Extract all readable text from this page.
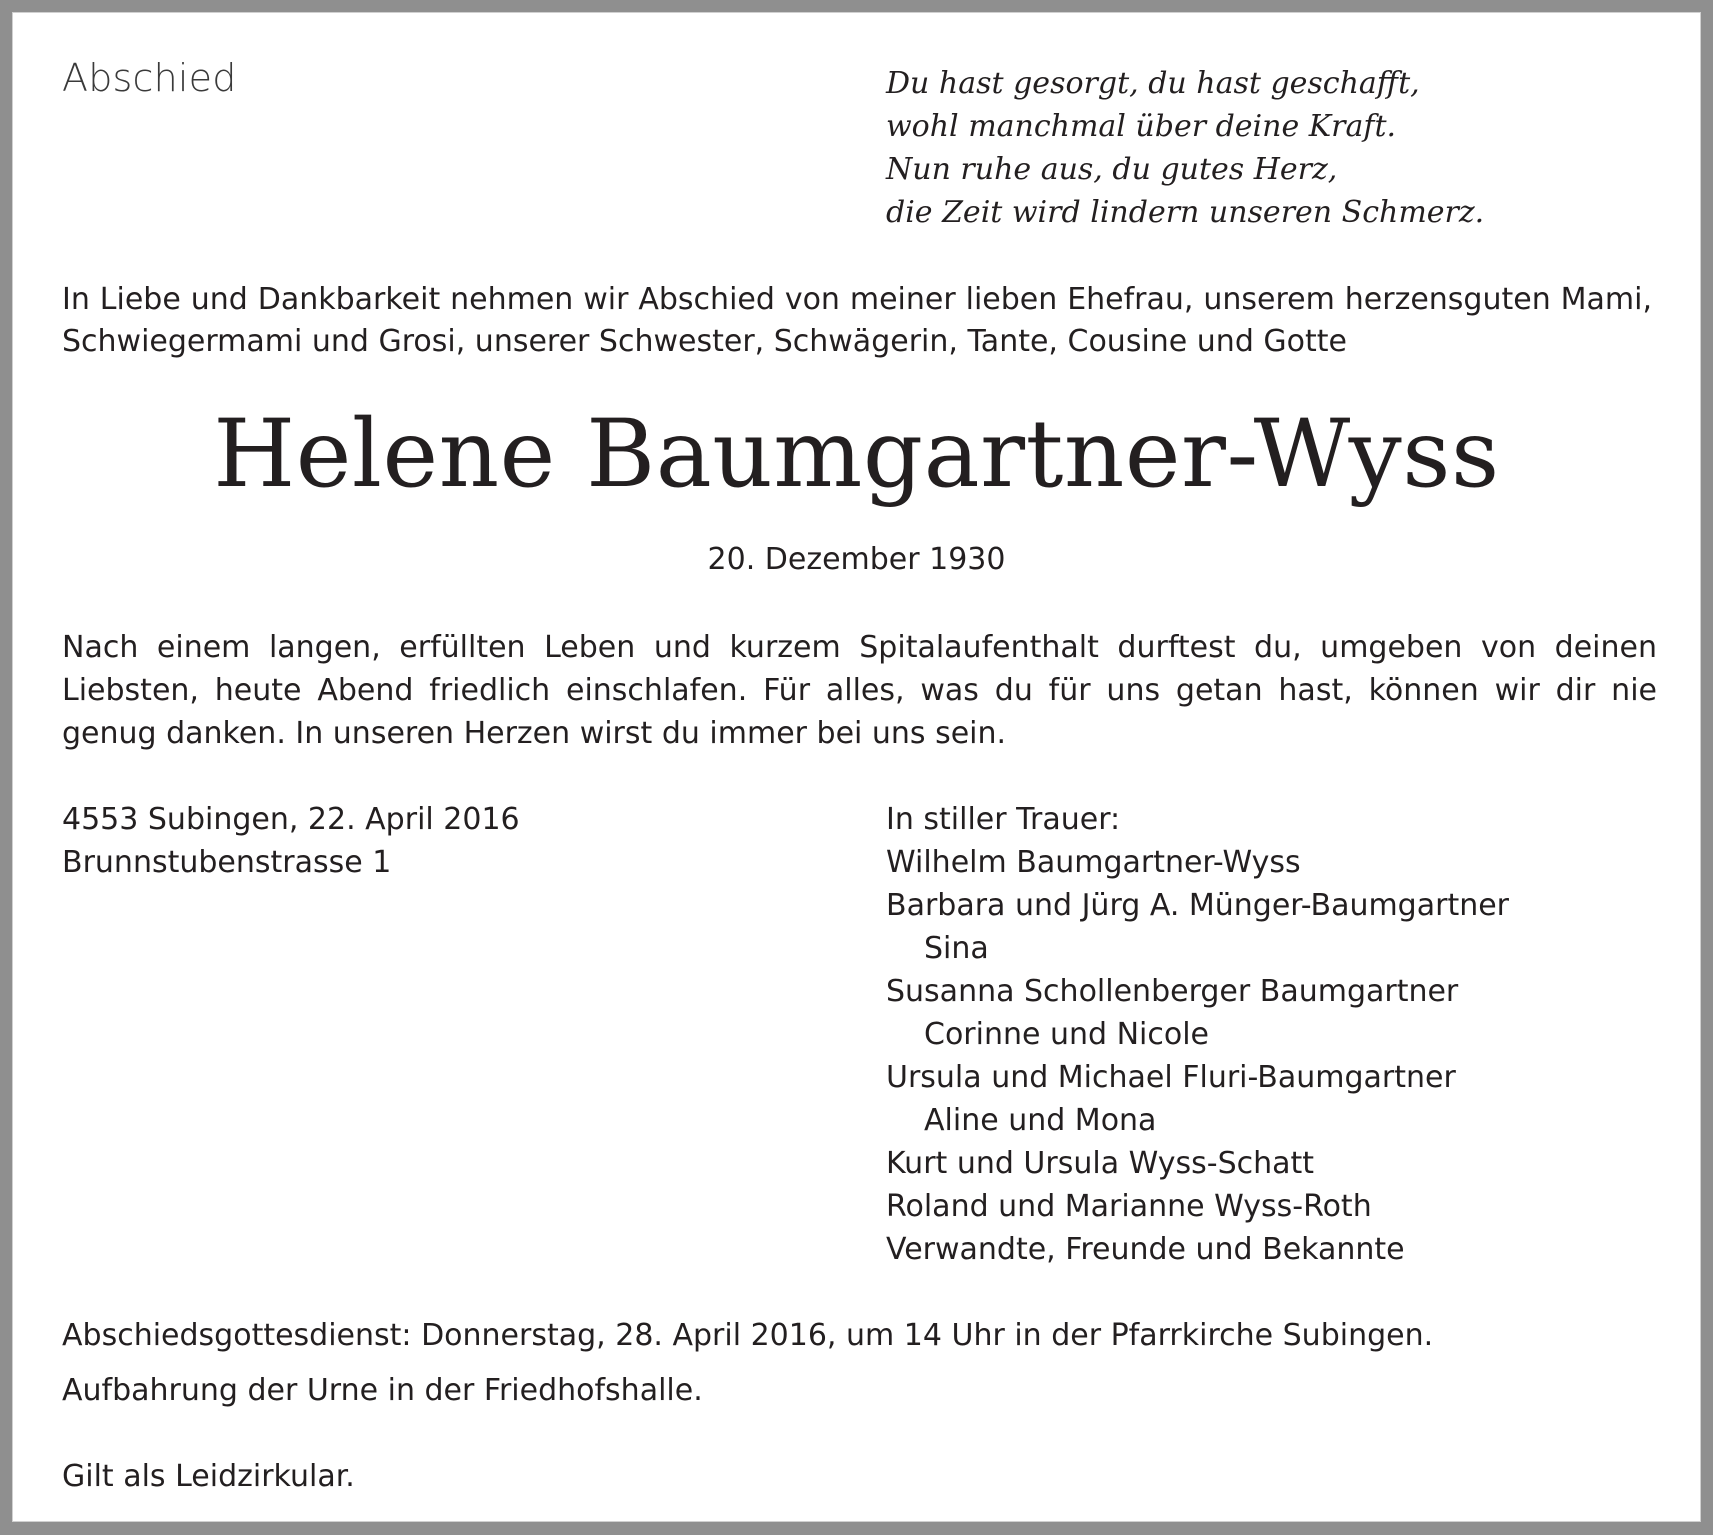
Abschied	Du hast gesorgt, du hast geschafft,
wohl manchmal über deine Kraft.
Nun ruhe aus, du gutes Herz,
die Zeit wird lindern unseren Schmerz.
In Liebe und Dankbarkeit nehmen wir Abschied von meiner lieben Ehefrau, unserem herzensguten Mami, Schwiegermami und Grosi, unserer Schwester, Schwägerin, Tante, Cousine und Gotte
Helene Baumgartner-Wyss
20. Dezember 1930
Nach einem langen, erfüllten Leben und kurzem Spitalaufenthalt durftest du, umgeben von deinen Liebsten, heute Abend friedlich einschlafen. Für alles, was du für uns getan hast, können wir dir nie genug danken. In unseren Herzen wirst du immer bei uns sein.
4553 Subingen, 22. April 2016
Brunnstubenstrasse 1
In stiller Trauer:
Wilhelm Baumgartner-Wyss
Barbara und Jürg A. Münger-Baumgartner
Sina
Susanna Schollenberger Baumgartner
Corinne und Nicole
Ursula und Michael Fluri-Baumgartner
Aline und Mona
Kurt und Ursula Wyss-Schatt
Roland und Marianne Wyss-Roth
Verwandte, Freunde und Bekannte
Abschiedsgottesdienst: Donnerstag, 28. April 2016, um 14 Uhr in der Pfarrkirche Subingen.
Aufbahrung der Urne in der Friedhofshalle.
Gilt als Leidzirkular.
